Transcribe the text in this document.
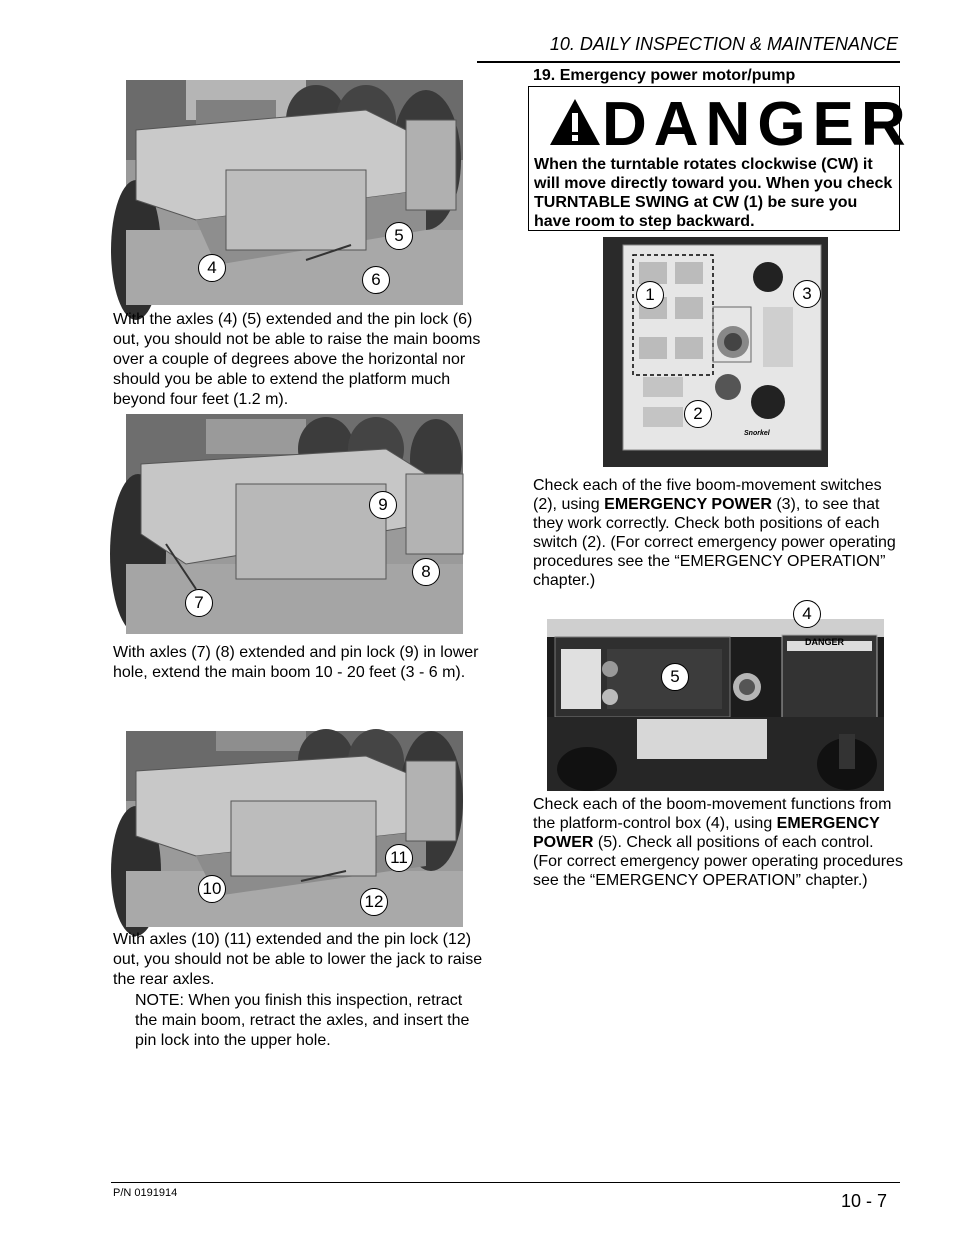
10. DAILY INSPECTION & MAINTENANCE
4
5
6
With the axles (4) (5) extended and the pin lock (6) out, you should not be able to raise the main booms over a couple of degrees above the horizontal nor should you be able to extend the platform much beyond four feet (1.2 m).
9
8
7
With axles (7) (8) extended and pin lock (9) in lower hole, extend the main boom 10 - 20 feet (3 - 6 m).
11
10
12
With axles (10) (11) extended and the pin lock (12) out, you should not be able to lower the jack to raise the rear axles.
NOTE: When you finish this inspection, retract the main boom, retract the axles, and insert the pin lock into the upper hole.
19. Emergency power motor/pump
DANGER
When the turntable rotates clockwise (CW) it will move directly toward you. When you check TURNTABLE SWING at CW (1) be sure you have room to step backward.
Snorkel
1	3
2
Check each of the five boom-movement switches (2), using EMERGENCY POWER (3), to see that they work correctly. Check both positions of each switch (2). (For correct emergency power operating procedures see the “EMERGENCY OPERATION” chapter.)
DANGER
4
5
Check each of the boom-movement functions from the platform-control box (4), using EMERGENCY POWER (5). Check all positions of each control. (For correct emergency power operating procedures see the “EMERGENCY OPERATION” chapter.)
P/N 0191914	10 - 7
